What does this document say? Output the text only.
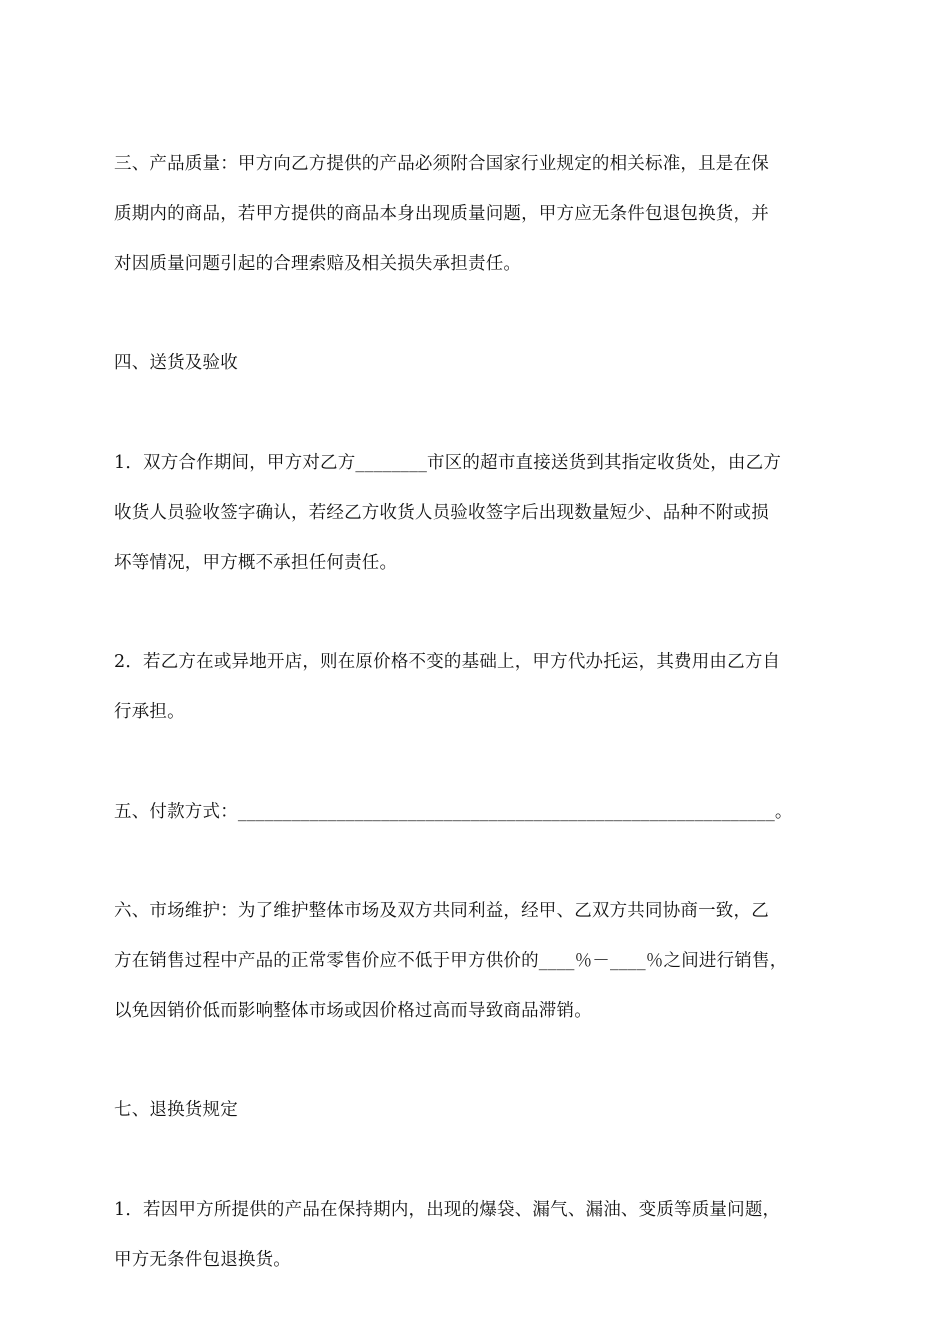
三、产品质量：甲方向乙方提供的产品必须附合国家行业规定的相关标准，且是在保
质期内的商品，若甲方提供的商品本身出现质量问题，甲方应无条件包退包换货，并
对因质量问题引起的合理索赔及相关损失承担责任。
四、送货及验收
1．双方合作期间，甲方对乙方________市区的超市直接送货到其指定收货处，由乙方
收货人员验收签字确认，若经乙方收货人员验收签字后出现数量短少、品种不附或损
坏等情况，甲方概不承担任何责任。
2．若乙方在或异地开店，则在原价格不变的基础上，甲方代办托运，其费用由乙方自
行承担。
五、付款方式：____________________________________________________________。
六、市场维护：为了维护整体市场及双方共同利益，经甲、乙双方共同协商一致，乙
方在销售过程中产品的正常零售价应不低于甲方供价的____％－____％之间进行销售，
以免因销价低而影响整体市场或因价格过高而导致商品滞销。
七、退换货规定
1．若因甲方所提供的产品在保持期内，出现的爆袋、漏气、漏油、变质等质量问题，
甲方无条件包退换货。
